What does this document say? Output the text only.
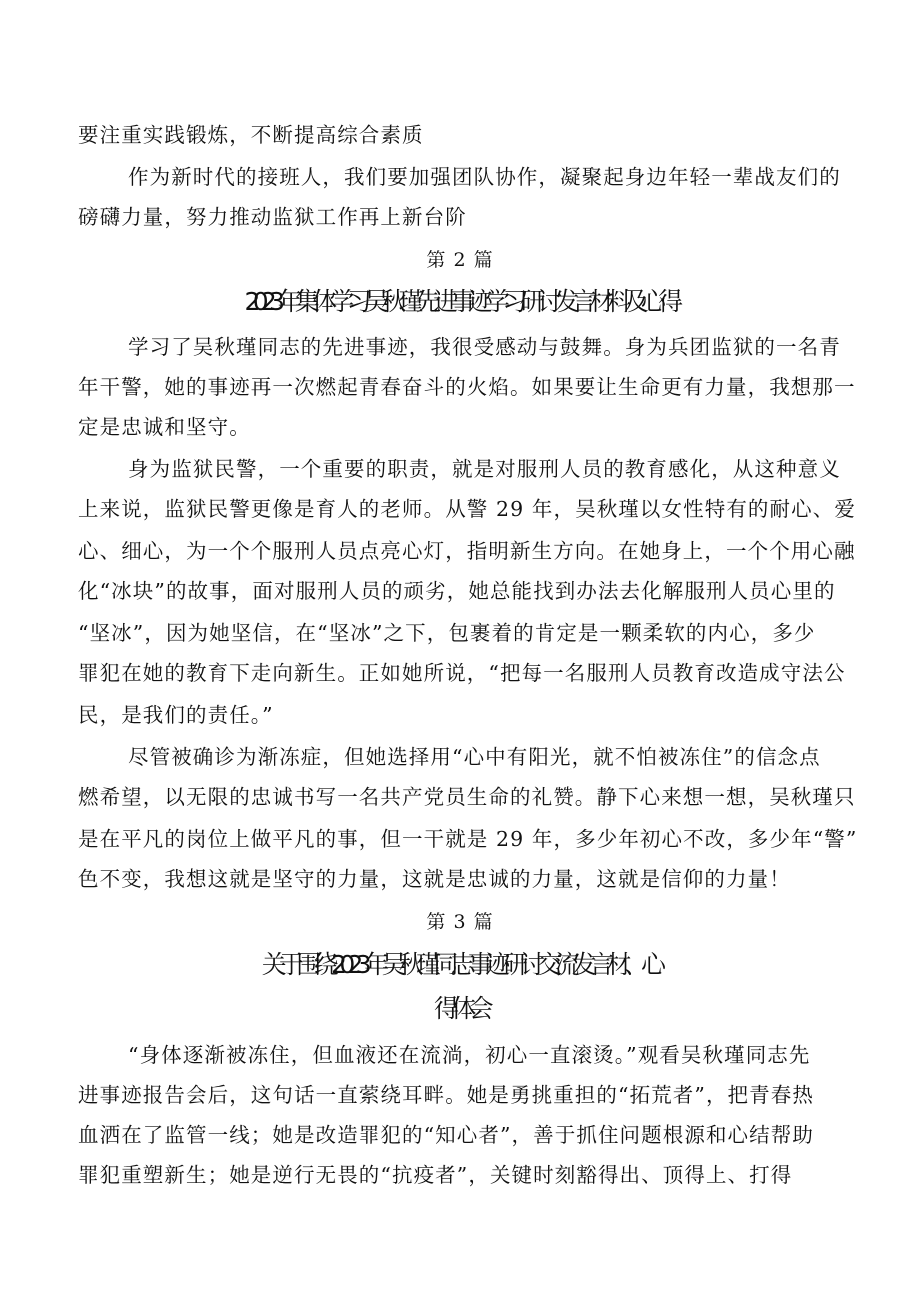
要注重实践锻炼，不断提高综合素质
作为新时代的接班人，我们要加强团队协作，凝聚起身边年轻一辈战友们的
磅礴力量，努力推动监狱工作再上新台阶
第 2 篇
2023 年集体学习吴秋瑾先进事迹学习研讨发言材料及心得
学习了吴秋瑾同志的先进事迹，我很受感动与鼓舞。身为兵团监狱的一名青
年干警，她的事迹再一次燃起青春奋斗的火焰。如果要让生命更有力量，我想那一
定是忠诚和坚守。
身为监狱民警，一个重要的职责，就是对服刑人员的教育感化，从这种意义
上来说，监狱民警更像是育人的老师。从警 29 年，吴秋瑾以女性特有的耐心、爱
心、细心，为一个个服刑人员点亮心灯，指明新生方向。在她身上，一个个用心融
化“冰块”的故事，面对服刑人员的顽劣，她总能找到办法去化解服刑人员心里的
“坚冰”，因为她坚信，在“坚冰”之下，包裹着的肯定是一颗柔软的内心，多少
罪犯在她的教育下走向新生。正如她所说，“把每一名服刑人员教育改造成守法公
民，是我们的责任。”
尽管被确诊为渐冻症，但她选择用“心中有阳光，就不怕被冻住”的信念点
燃希望，以无限的忠诚书写一名共产党员生命的礼赞。静下心来想一想，吴秋瑾只
是在平凡的岗位上做平凡的事，但一干就是 29 年，多少年初心不改，多少年“警”
色不变，我想这就是坚守的力量，这就是忠诚的力量，这就是信仰的力量！
第 3 篇
关于围绕 2023 年吴秋瑾同志事迹研讨交流发言材、心
得体会
“身体逐渐被冻住，但血液还在流淌，初心一直滚烫。”观看吴秋瑾同志先
进事迹报告会后，这句话一直萦绕耳畔。她是勇挑重担的“拓荒者”，把青春热
血洒在了监管一线；她是改造罪犯的“知心者”，善于抓住问题根源和心结帮助
罪犯重塑新生；她是逆行无畏的“抗疫者”，关键时刻豁得出、顶得上、打得
